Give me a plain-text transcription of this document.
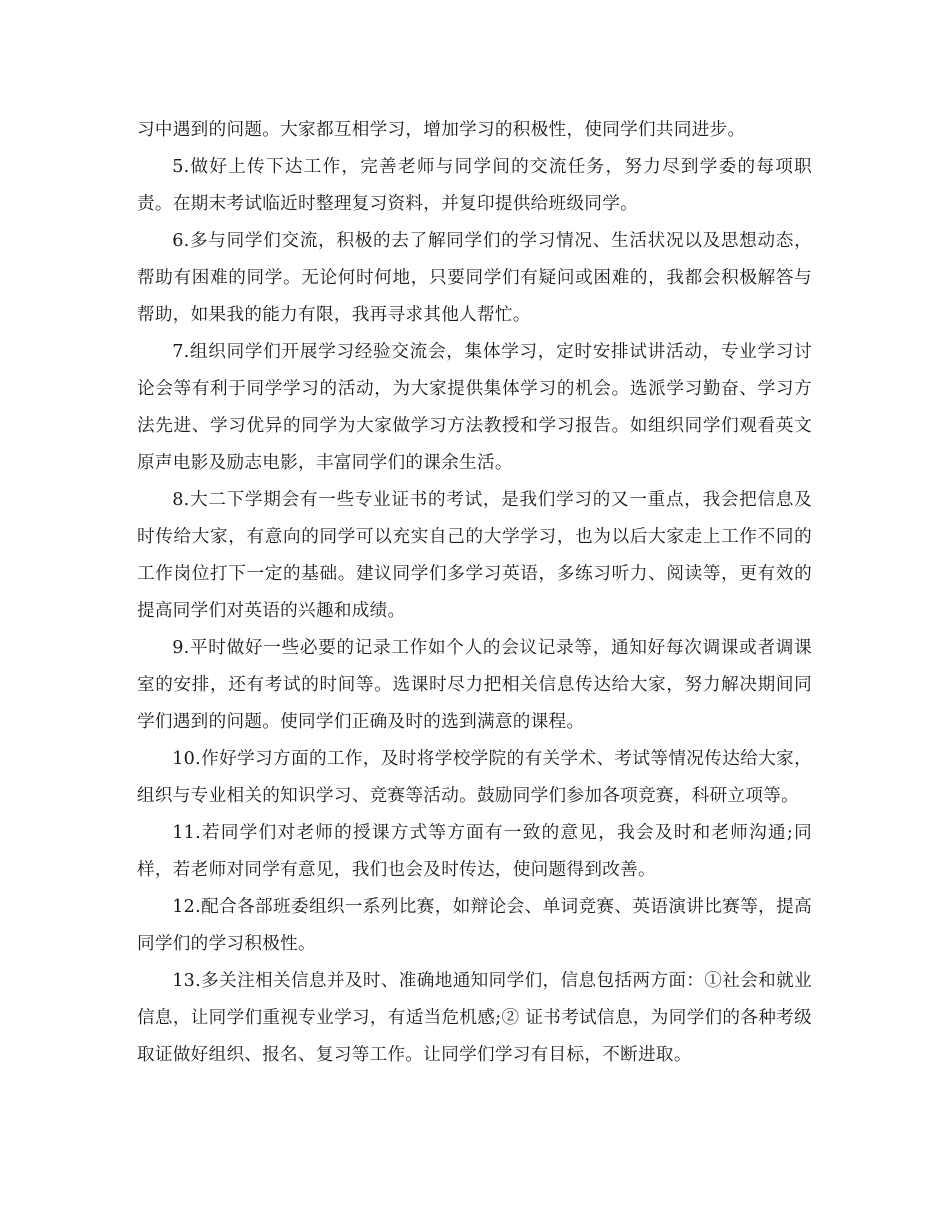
习中遇到的问题。大家都互相学习，增加学习的积极性，使同学们共同进步。

5.做好上传下达工作，完善老师与同学间的交流任务，努力尽到学委的每项职责。在期末考试临近时整理复习资料，并复印提供给班级同学。

6.多与同学们交流，积极的去了解同学们的学习情况、生活状况以及思想动态，帮助有困难的同学。无论何时何地，只要同学们有疑问或困难的，我都会积极解答与帮助，如果我的能力有限，我再寻求其他人帮忙。

7.组织同学们开展学习经验交流会，集体学习，定时安排试讲活动，专业学习讨论会等有利于同学学习的活动，为大家提供集体学习的机会。选派学习勤奋、学习方法先进、学习优异的同学为大家做学习方法教授和学习报告。如组织同学们观看英文原声电影及励志电影，丰富同学们的课余生活。

8.大二下学期会有一些专业证书的考试，是我们学习的又一重点，我会把信息及时传给大家，有意向的同学可以充实自己的大学学习，也为以后大家走上工作不同的工作岗位打下一定的基础。建议同学们多学习英语，多练习听力、阅读等，更有效的提高同学们对英语的兴趣和成绩。

9.平时做好一些必要的记录工作如个人的会议记录等，通知好每次调课或者调课室的安排，还有考试的时间等。选课时尽力把相关信息传达给大家，努力解决期间同学们遇到的问题。使同学们正确及时的选到满意的课程。

10.作好学习方面的工作，及时将学校学院的有关学术、考试等情况传达给大家，组织与专业相关的知识学习、竞赛等活动。鼓励同学们参加各项竞赛，科研立项等。

11.若同学们对老师的授课方式等方面有一致的意见，我会及时和老师沟通;同样，若老师对同学有意见，我们也会及时传达，使问题得到改善。

12.配合各部班委组织一系列比赛，如辩论会、单词竞赛、英语演讲比赛等，提高同学们的学习积极性。

13.多关注相关信息并及时、准确地通知同学们，信息包括两方面：①社会和就业信息，让同学们重视专业学习，有适当危机感;② 证书考试信息，为同学们的各种考级取证做好组织、报名、复习等工作。让同学们学习有目标，不断进取。
